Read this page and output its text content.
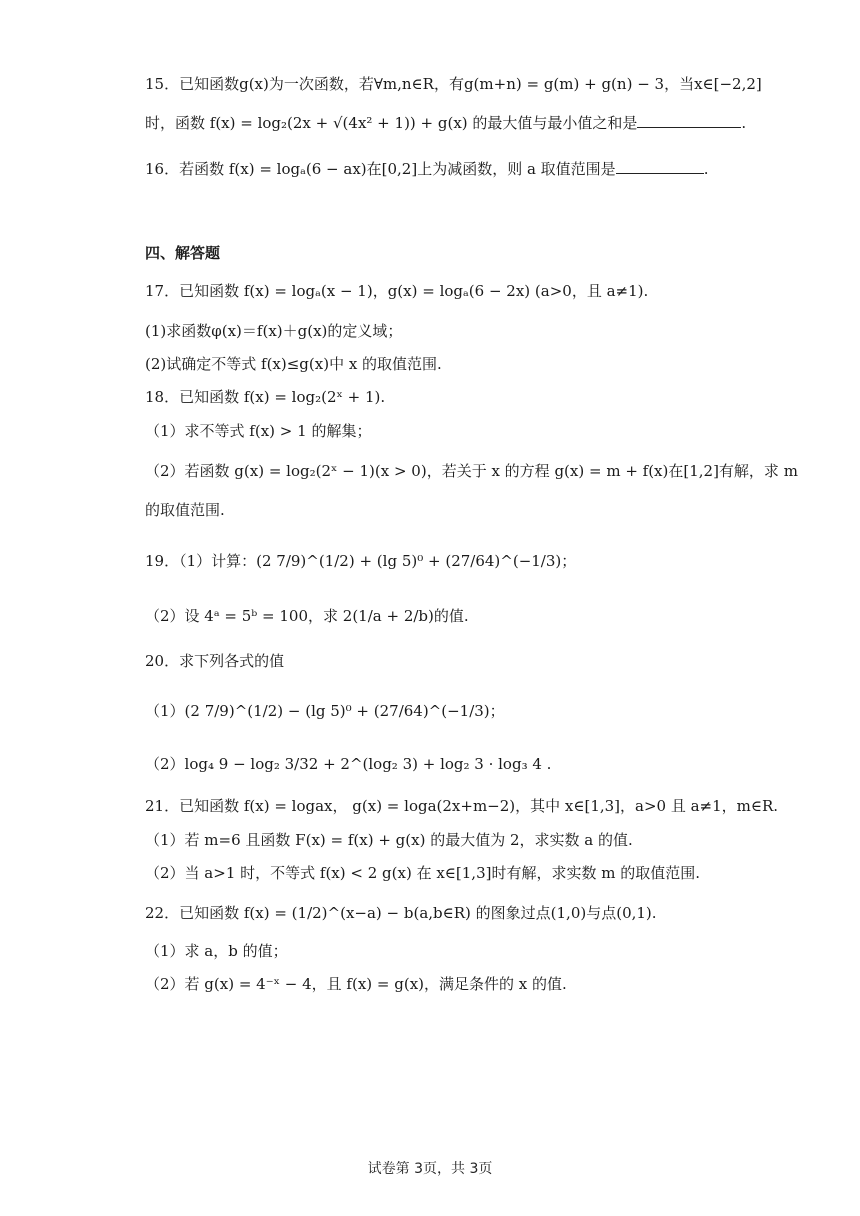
15．已知函数g(x)为一次函数，若∀m,n∈R，有g(m+n) = g(m) + g(n) − 3，当x∈[−2,2]
时，函数 f(x) = log₂(2x + √(4x² + 1)) + g(x) 的最大值与最小值之和是	.
16．若函数 f(x) = logₐ(6 − ax)在[0,2]上为减函数，则 a 取值范围是	.
四、解答题
17．已知函数 f(x) = logₐ(x − 1)，g(x) = logₐ(6 − 2x) (a>0，且 a≠1).
(1)求函数φ(x)＝f(x)＋g(x)的定义域；
(2)试确定不等式 f(x)≤g(x)中 x 的取值范围.
18．已知函数 f(x) = log₂(2ˣ + 1).
（1）求不等式 f(x) > 1 的解集；
（2）若函数 g(x) = log₂(2ˣ − 1)(x > 0)，若关于 x 的方程 g(x) = m + f(x)在[1,2]有解，求 m
的取值范围.
19．（1）计算：(2 7/9)^(1/2) + (lg 5)⁰ + (27/64)^(−1/3)；
（2）设 4ᵃ = 5ᵇ = 100，求 2(1/a + 2/b)的值.
20．求下列各式的值
（1）(2 7/9)^(1/2) − (lg 5)⁰ + (27/64)^(−1/3)；
（2）log₄ 9 − log₂ 3/32 + 2^(log₂ 3) + log₂ 3 · log₃ 4 .
21．已知函数 f(x) = logax， g(x) = loga(2x+m−2)，其中 x∈[1,3]，a>0 且 a≠1，m∈R.
（1）若 m=6 且函数 F(x) = f(x) + g(x) 的最大值为 2，求实数 a 的值.
（2）当 a>1 时，不等式 f(x) < 2 g(x) 在 x∈[1,3]时有解，求实数 m 的取值范围.
22．已知函数 f(x) = (1/2)^(x−a) − b(a,b∈R) 的图象过点(1,0)与点(0,1).
（1）求 a，b 的值；
（2）若 g(x) = 4⁻ˣ − 4，且 f(x) = g(x)，满足条件的 x 的值.
试卷第 3页，共 3页
